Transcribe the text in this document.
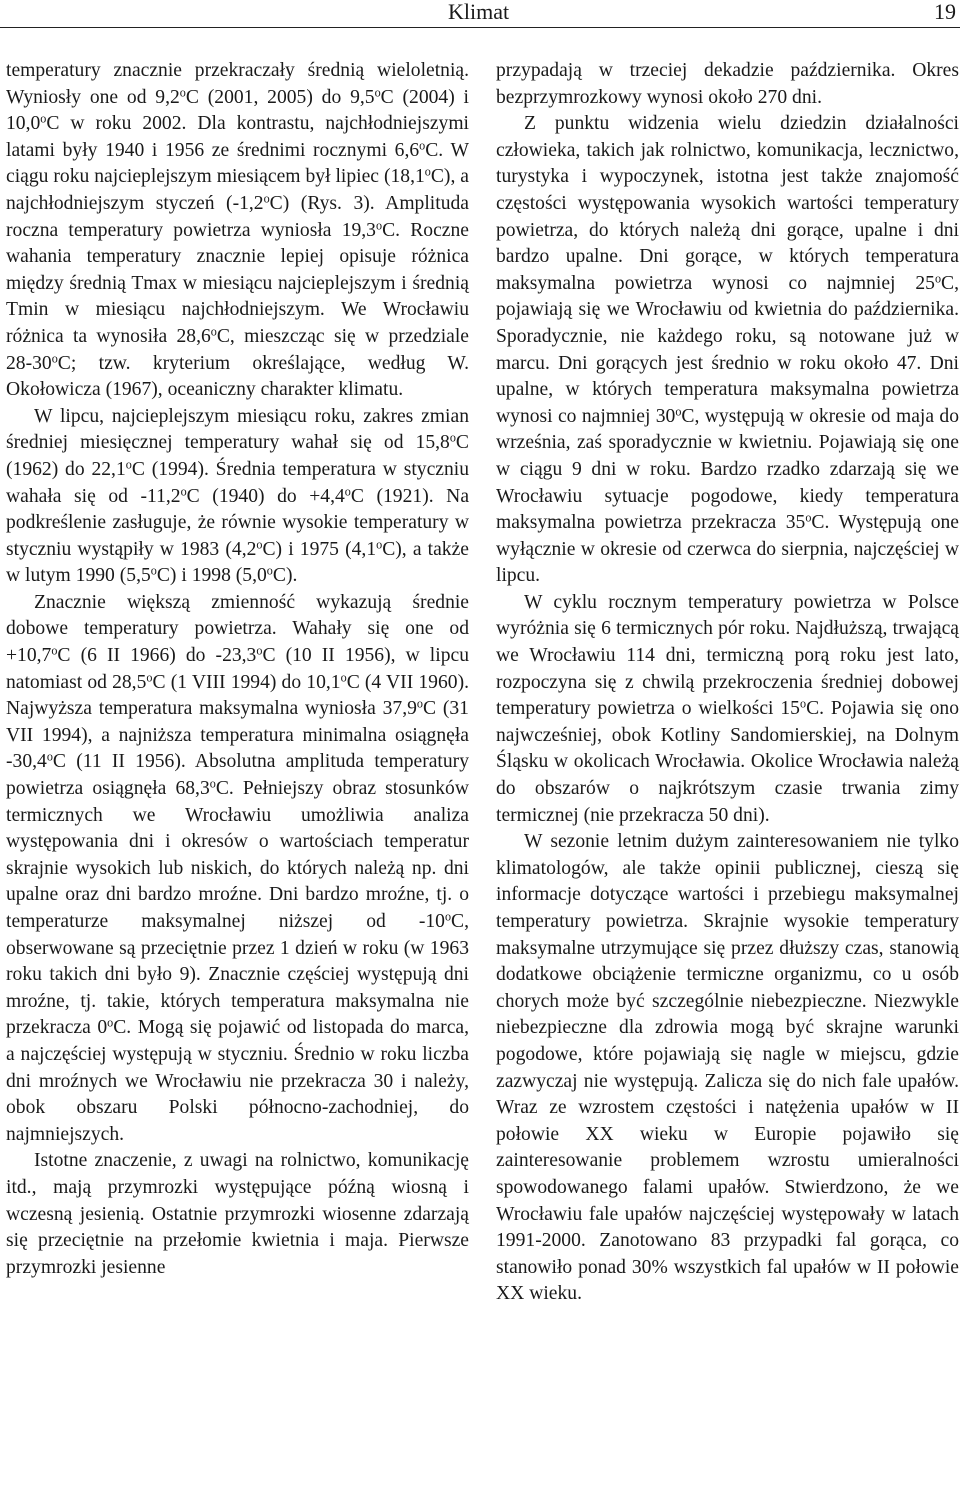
Klimat	19

temperatury znacznie przekraczały średnią wieloletnią. Wyniosły one od 9,2$^o$C (2001, 2005) do 9,5$^o$C (2004) i 10,0$^o$C w roku 2002. Dla kontrastu, najchłodniejszymi latami były 1940 i 1956 ze średnimi rocznymi 6,6$^o$C. W ciągu roku najcieplejszym miesiącem był lipiec (18,1$^o$C), a najchłodniejszym styczeń (-1,2$^o$C) (Rys. 3). Amplituda roczna temperatury powietrza wyniosła 19,3$^o$C. Roczne wahania temperatury znacznie lepiej opisuje różnica między średnią Tmax w miesiącu najcieplejszym i średnią Tmin w miesiącu najchłodniejszym. We Wrocławiu różnica ta wynosiła 28,6$^o$C, mieszcząc się w przedziale 28-30$^o$C; tzw. kryterium określające, według W. Okołowicza (1967), oceaniczny charakter klimatu.

W lipcu, najcieplejszym miesiącu roku, zakres zmian średniej miesięcznej temperatury wahał się od 15,8$^o$C (1962) do 22,1$^o$C (1994). Średnia temperatura w styczniu wahała się od -11,2$^o$C (1940) do $+4,4^oC$ (1921). Na podkreślenie zasługuje, że równie wysokie temperatury w styczniu wystąpiły w 1983 (4,2$^o$C) i 1975 (4,1$^o$C), a także w lutym 1990 (5,5$^o$C) i 1998 (5,0$^o$C).

Znacznie większą zmienność wykazują średnie dobowe temperatury powietrza. Wahały się one od $+10,7^oC$ (6 II 1966) do -23,3$^o$C (10 II 1956), w lipcu natomiast od 28,5$^o$C (1 VIII 1994) do 10,1$^o$C (4 VII 1960). Najwyższa temperatura maksymalna wyniosła 37,9$^o$C (31 VII 1994), a najniższa temperatura minimalna osiągnęła -30,4$^o$C (11 II 1956). Absolutna amplituda temperatury powietrza osiągnęła 68,3$^o$C. Pełniejszy obraz stosunków termicznych we Wrocławiu umożliwia analiza występowania dni i okresów o wartościach temperatur skrajnie wysokich lub niskich, do których należą np. dni upalne oraz dni bardzo mroźne. Dni bardzo mroźne, tj. o temperaturze maksymalnej niższej od -10$^o$C, obserwowane są przeciętnie przez 1 dzień w roku (w 1963 roku takich dni było 9). Znacznie częściej występują dni mroźne, tj. takie, których temperatura maksymalna nie przekracza 0$^o$C. Mogą się pojawić od listopada do marca, a najczęściej występują w styczniu. Średnio w roku liczba dni mroźnych we Wrocławiu nie przekracza 30 i należy, obok obszaru Polski północno-zachodniej, do najmniejszych.

Istotne znaczenie, z uwagi na rolnictwo, komunikację itd., mają przymrozki występujące późną wiosną i wczesną jesienią. Ostatnie przymrozki wiosenne zdarzają się przeciętnie na przełomie kwietnia i maja. Pierwsze przymrozki jesienne

przypadają w trzeciej dekadzie października. Okres bezprzymrozkowy wynosi około 270 dni.

Z punktu widzenia wielu dziedzin działalności człowieka, takich jak rolnictwo, komunikacja, lecznictwo, turystyka i wypoczynek, istotna jest także znajomość częstości występowania wysokich wartości temperatury powietrza, do których należą dni gorące, upalne i dni bardzo upalne. Dni gorące, w których temperatura maksymalna powietrza wynosi co najmniej 25$^o$C, pojawiają się we Wrocławiu od kwietnia do października. Sporadycznie, nie każdego roku, są notowane już w marcu. Dni gorących jest średnio w roku około 47. Dni upalne, w których temperatura maksymalna powietrza wynosi co najmniej 30$^o$C, występują w okresie od maja do września, zaś sporadycznie w kwietniu. Pojawiają się one w ciągu 9 dni w roku. Bardzo rzadko zdarzają się we Wrocławiu sytuacje pogodowe, kiedy temperatura maksymalna powietrza przekracza 35$^o$C. Występują one wyłącznie w okresie od czerwca do sierpnia, najczęściej w lipcu.

W cyklu rocznym temperatury powietrza w Polsce wyróżnia się 6 termicznych pór roku. Najdłuższą, trwającą we Wrocławiu 114 dni, termiczną porą roku jest lato, rozpoczyna się z chwilą przekroczenia średniej dobowej temperatury powietrza o wielkości 15$^o$C. Pojawia się ono najwcześniej, obok Kotliny Sandomierskiej, na Dolnym Śląsku w okolicach Wrocławia. Okolice Wrocławia należą do obszarów o najkrótszym czasie trwania zimy termicznej (nie przekracza 50 dni).

W sezonie letnim dużym zainteresowaniem nie tylko klimatologów, ale także opinii publicznej, cieszą się informacje dotyczące wartości i przebiegu maksymalnej temperatury powietrza. Skrajnie wysokie temperatury maksymalne utrzymujące się przez dłuższy czas, stanowią dodatkowe obciążenie termiczne organizmu, co u osób chorych może być szczególnie niebezpieczne. Niezwykle niebezpieczne dla zdrowia mogą być skrajne warunki pogodowe, które pojawiają się nagle w miejscu, gdzie zazwyczaj nie występują. Zalicza się do nich fale upałów. Wraz ze wzrostem częstości i natężenia upałów w II połowie XX wieku w Europie pojawiło się zainteresowanie problemem wzrostu umieralności spowodowanego falami upałów. Stwierdzono, że we Wrocławiu fale upałów najczęściej występowały w latach 1991-2000. Zanotowano 83 przypadki fal gorąca, co stanowiło ponad 30% wszystkich fal upałów w II połowie XX wieku.
